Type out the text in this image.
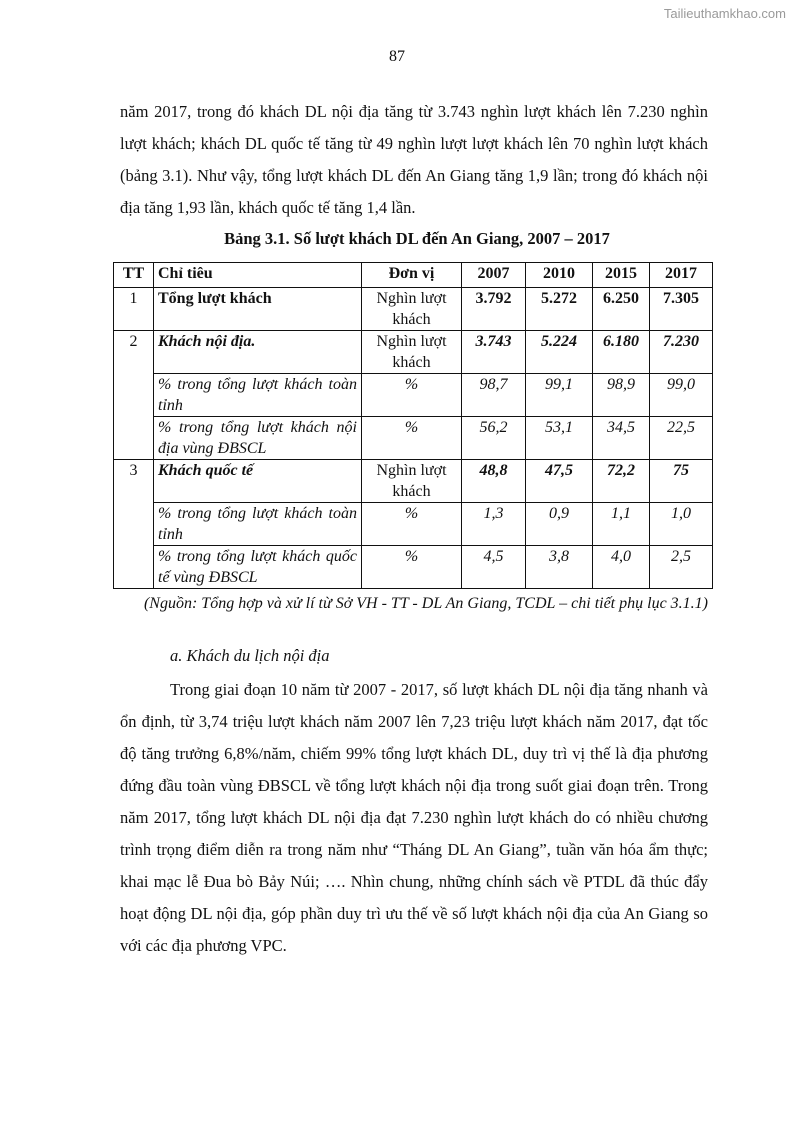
Tailieuthamkhao.com
87

năm 2017, trong đó khách DL nội địa tăng từ 3.743 nghìn lượt khách lên 7.230 nghìn lượt khách; khách DL quốc tế tăng từ 49 nghìn lượt lượt khách lên 70 nghìn lượt khách (bảng 3.1). Như vậy, tổng lượt khách DL đến An Giang tăng 1,9 lần; trong đó khách nội địa tăng 1,93 lần, khách quốc tế tăng 1,4 lần.

Bảng 3.1. Số lượt khách DL đến An Giang, 2007 – 2017
TT	Chỉ tiêu	Đơn vị	2007	2010	2015	2017
1	Tổng lượt khách	Nghìn lượt khách	3.792	5.272	6.250	7.305
2	Khách nội địa.	Nghìn lượt khách	3.743	5.224	6.180	7.230
	% trong tổng lượt khách toàn tỉnh	%	98,7	99,1	98,9	99,0
	% trong tổng lượt khách nội địa vùng ĐBSCL	%	56,2	53,1	34,5	22,5
3	Khách quốc tế	Nghìn lượt khách	48,8	47,5	72,2	75
	% trong tổng lượt khách toàn tỉnh	%	1,3	0,9	1,1	1,0
	% trong tổng lượt khách quốc tế vùng ĐBSCL	%	4,5	3,8	4,0	2,5
(Nguồn: Tổng hợp và xử lí từ Sở VH - TT - DL An Giang, TCDL – chi tiết phụ lục 3.1.1)
a. Khách du lịch nội địa

Trong giai đoạn 10 năm từ 2007 - 2017, số lượt khách DL nội địa tăng nhanh và ổn định, từ 3,74 triệu lượt khách năm 2007 lên 7,23 triệu lượt khách năm 2017, đạt tốc độ tăng trưởng 6,8%/năm, chiếm 99% tổng lượt khách DL, duy trì vị thế là địa phương đứng đầu toàn vùng ĐBSCL về tổng lượt khách nội địa trong suốt giai đoạn trên. Trong năm 2017, tổng lượt khách DL nội địa đạt 7.230 nghìn lượt khách do có nhiều chương trình trọng điểm diễn ra trong năm như “Tháng DL An Giang”, tuần văn hóa ẩm thực; khai mạc lễ Đua bò Bảy Núi; …. Nhìn chung, những chính sách về PTDL đã thúc đẩy hoạt động DL nội địa, góp phần duy trì ưu thế về số lượt khách nội địa của An Giang so với các địa phương VPC.
